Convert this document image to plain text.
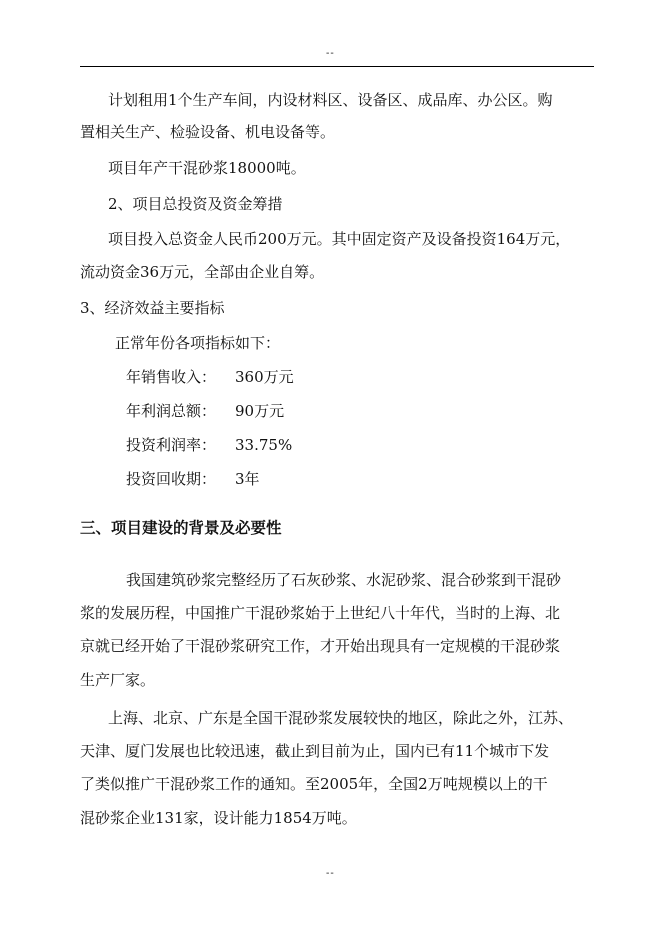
--
计划租用1个生产车间，内设材料区、设备区、成品库、办公区。购
置相关生产、检验设备、机电设备等。
项目年产干混砂浆18000吨。
2、项目总投资及资金筹措
项目投入总资金人民币200万元。其中固定资产及设备投资164万元，
流动资金36万元，全部由企业自筹。
3、经济效益主要指标
正常年份各项指标如下：
年销售收入： 360万元
年利润总额： 90万元
投资利润率： 33.75%
投资回收期： 3年
三、项目建设的背景及必要性
我国建筑砂浆完整经历了石灰砂浆、水泥砂浆、混合砂浆到干混砂
浆的发展历程，中国推广干混砂浆始于上世纪八十年代，当时的上海、北
京就已经开始了干混砂浆研究工作，才开始出现具有一定规模的干混砂浆
生产厂家。
上海、北京、广东是全国干混砂浆发展较快的地区，除此之外，江苏、
天津、厦门发展也比较迅速，截止到目前为止，国内已有11个城市下发
了类似推广干混砂浆工作的通知。至2005年，全国2万吨规模以上的干
混砂浆企业131家，设计能力1854万吨。
--
